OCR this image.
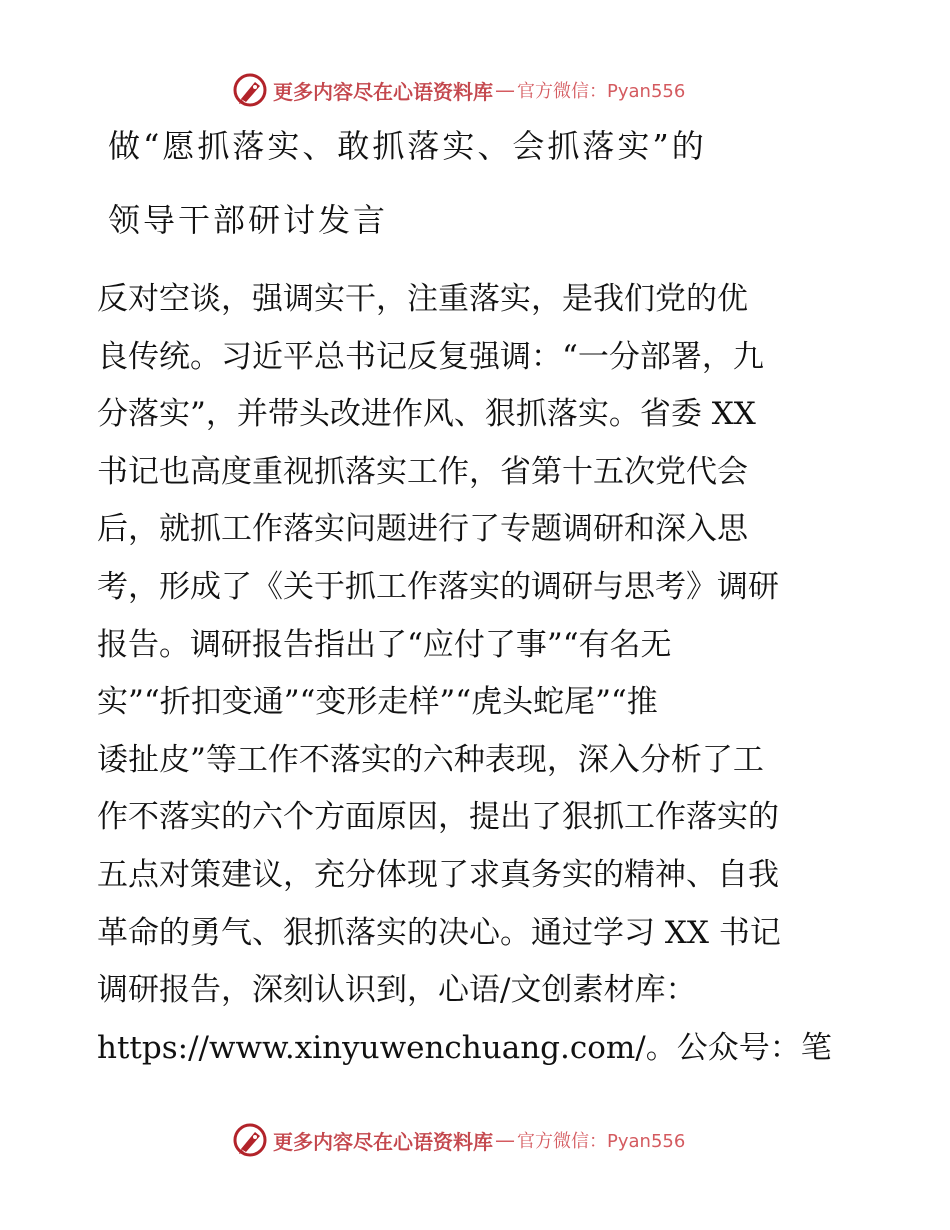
更多内容尽在心语资料库 — 官方微信：Pyan556
做“愿抓落实、敢抓落实、会抓落实”的
领导干部研讨发言
反对空谈，强调实干，注重落实，是我们党的优
良传统。习近平总书记反复强调：“一分部署，九
分落实”，并带头改进作风、狠抓落实。省委 XX
书记也高度重视抓落实工作，省第十五次党代会
后，就抓工作落实问题进行了专题调研和深入思
考，形成了《关于抓工作落实的调研与思考》调研
报告。调研报告指出了“应付了事”“有名无
实”“折扣变通”“变形走样”“虎头蛇尾”“推
诿扯皮”等工作不落实的六种表现，深入分析了工
作不落实的六个方面原因，提出了狠抓工作落实的
五点对策建议，充分体现了求真务实的精神、自我
革命的勇气、狠抓落实的决心。通过学习 XX 书记
调研报告，深刻认识到，心语/文创素材库：
https://www.xinyuwenchuang.com/。公众号：笔
更多内容尽在心语资料库 — 官方微信：Pyan556
